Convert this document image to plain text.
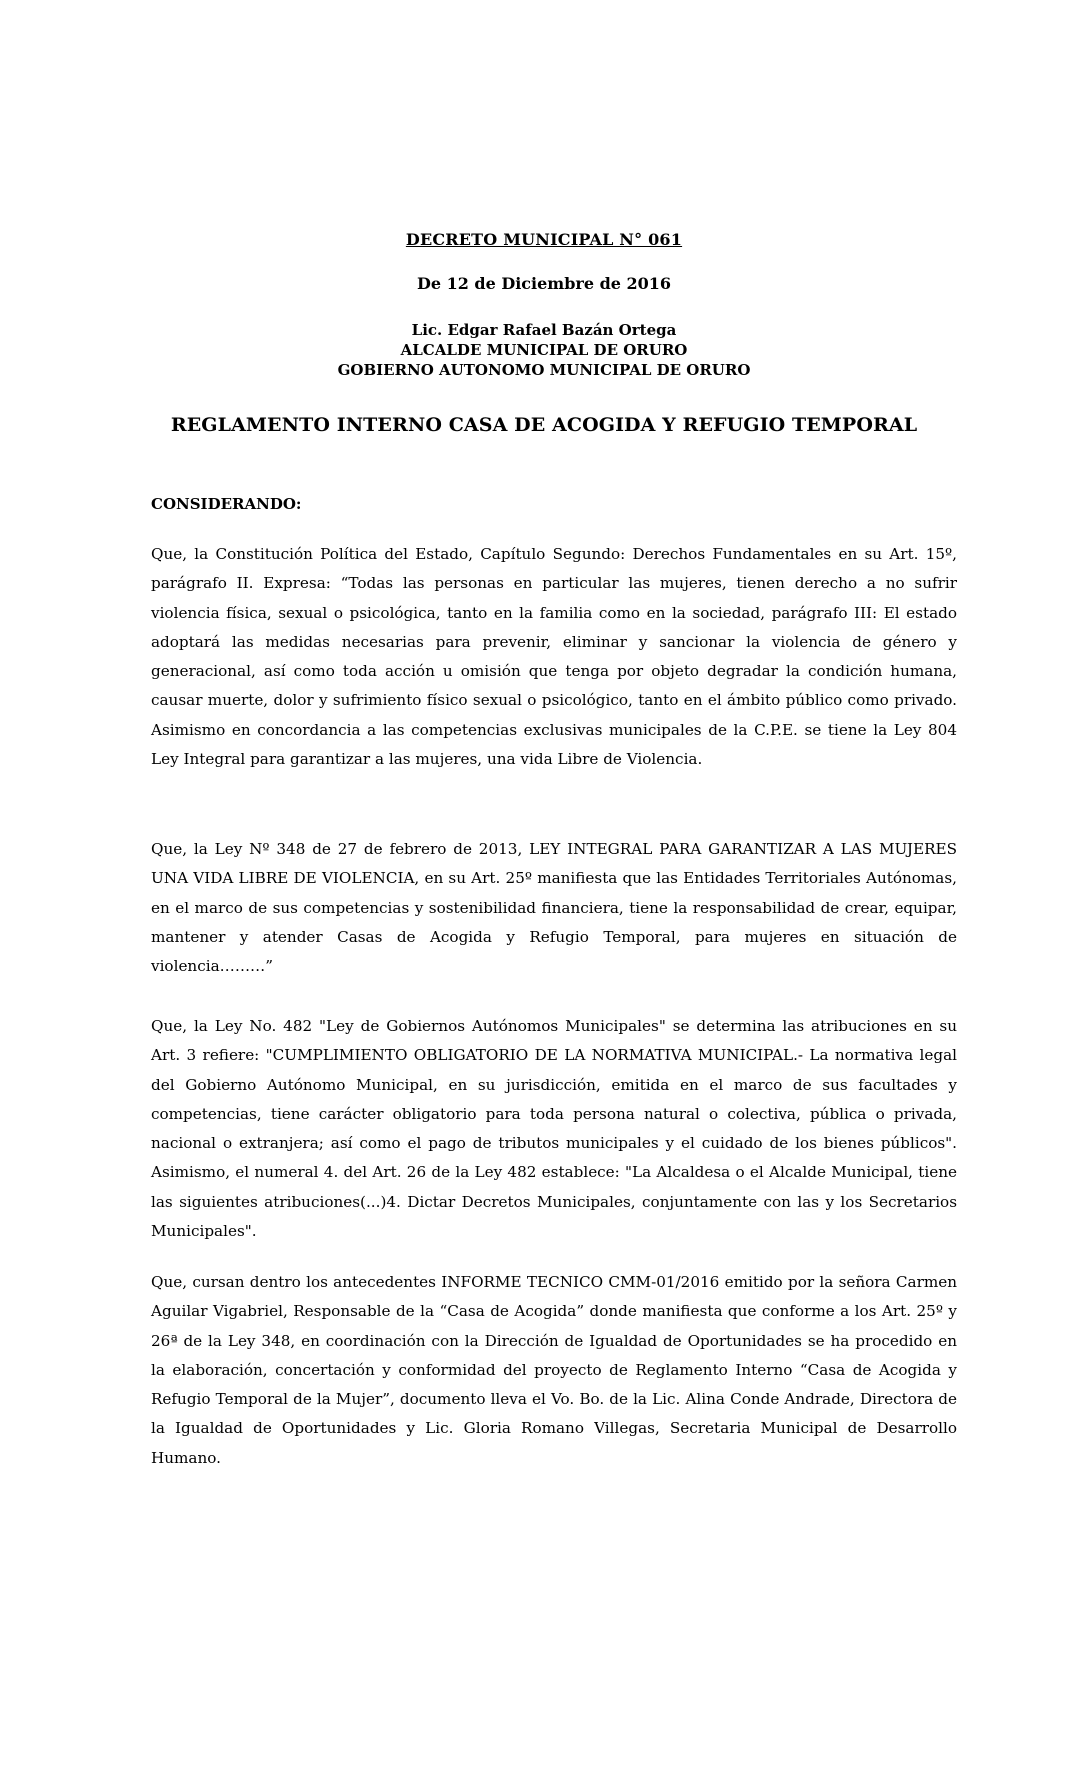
DECRETO MUNICIPAL N° 061
De 12 de Diciembre de 2016
Lic. Edgar Rafael Bazán Ortega
ALCALDE MUNICIPAL DE ORURO
GOBIERNO AUTONOMO MUNICIPAL DE ORURO
REGLAMENTO INTERNO CASA DE ACOGIDA Y REFUGIO TEMPORAL
CONSIDERANDO:

Que, la Constitución Política del Estado, Capítulo Segundo: Derechos Fundamentales en su Art. 15º, parágrafo II. Expresa: “Todas las personas en particular las mujeres, tienen derecho a no sufrir violencia física, sexual o psicológica, tanto en la familia como en la sociedad, parágrafo III: El estado adoptará las medidas necesarias para prevenir, eliminar y sancionar la violencia de género y generacional, así como toda acción u omisión que tenga por objeto degradar la condición humana, causar muerte, dolor y sufrimiento físico sexual o psicológico, tanto en el ámbito público como privado. Asimismo en concordancia a las competencias exclusivas municipales de la C.P.E. se tiene la Ley 804 Ley Integral para garantizar a las mujeres, una vida Libre de Violencia.

Que, la Ley Nº 348 de 27 de febrero de 2013, LEY INTEGRAL PARA GARANTIZAR A LAS MUJERES UNA VIDA LIBRE DE VIOLENCIA, en su Art. 25º manifiesta que las Entidades Territoriales Autónomas, en el marco de sus competencias y sostenibilidad financiera, tiene la responsabilidad de crear, equipar, mantener y atender Casas de Acogida y Refugio Temporal, para mujeres en situación de violencia………”

Que, la Ley No. 482 "Ley de Gobiernos Autónomos Municipales" se determina las atribuciones en su Art. 3 refiere: "CUMPLIMIENTO OBLIGATORIO DE LA NORMATIVA MUNICIPAL.- La normativa legal del Gobierno Autónomo Municipal, en su jurisdicción, emitida en el marco de sus facultades y competencias, tiene carácter obligatorio para toda persona natural o colectiva, pública o privada, nacional o extranjera; así como el pago de tributos municipales y el cuidado de los bienes públicos". Asimismo, el numeral 4. del Art. 26 de la Ley 482 establece: "La Alcaldesa o el Alcalde Municipal, tiene las siguientes atribuciones(...)4. Dictar Decretos Municipales, conjuntamente con las y los Secretarios Municipales".

Que, cursan dentro los antecedentes INFORME TECNICO CMM-01/2016 emitido por la señora Carmen Aguilar Vigabriel, Responsable de la “Casa de Acogida” donde manifiesta que conforme a los Art. 25º y 26ª de la Ley 348, en coordinación con la Dirección de Igualdad de Oportunidades se ha procedido en la elaboración, concertación y conformidad del proyecto de Reglamento Interno “Casa de Acogida y Refugio Temporal de la Mujer”, documento lleva el Vo. Bo. de la Lic. Alina Conde Andrade, Directora de la Igualdad de Oportunidades y Lic. Gloria Romano Villegas, Secretaria Municipal de Desarrollo Humano.
